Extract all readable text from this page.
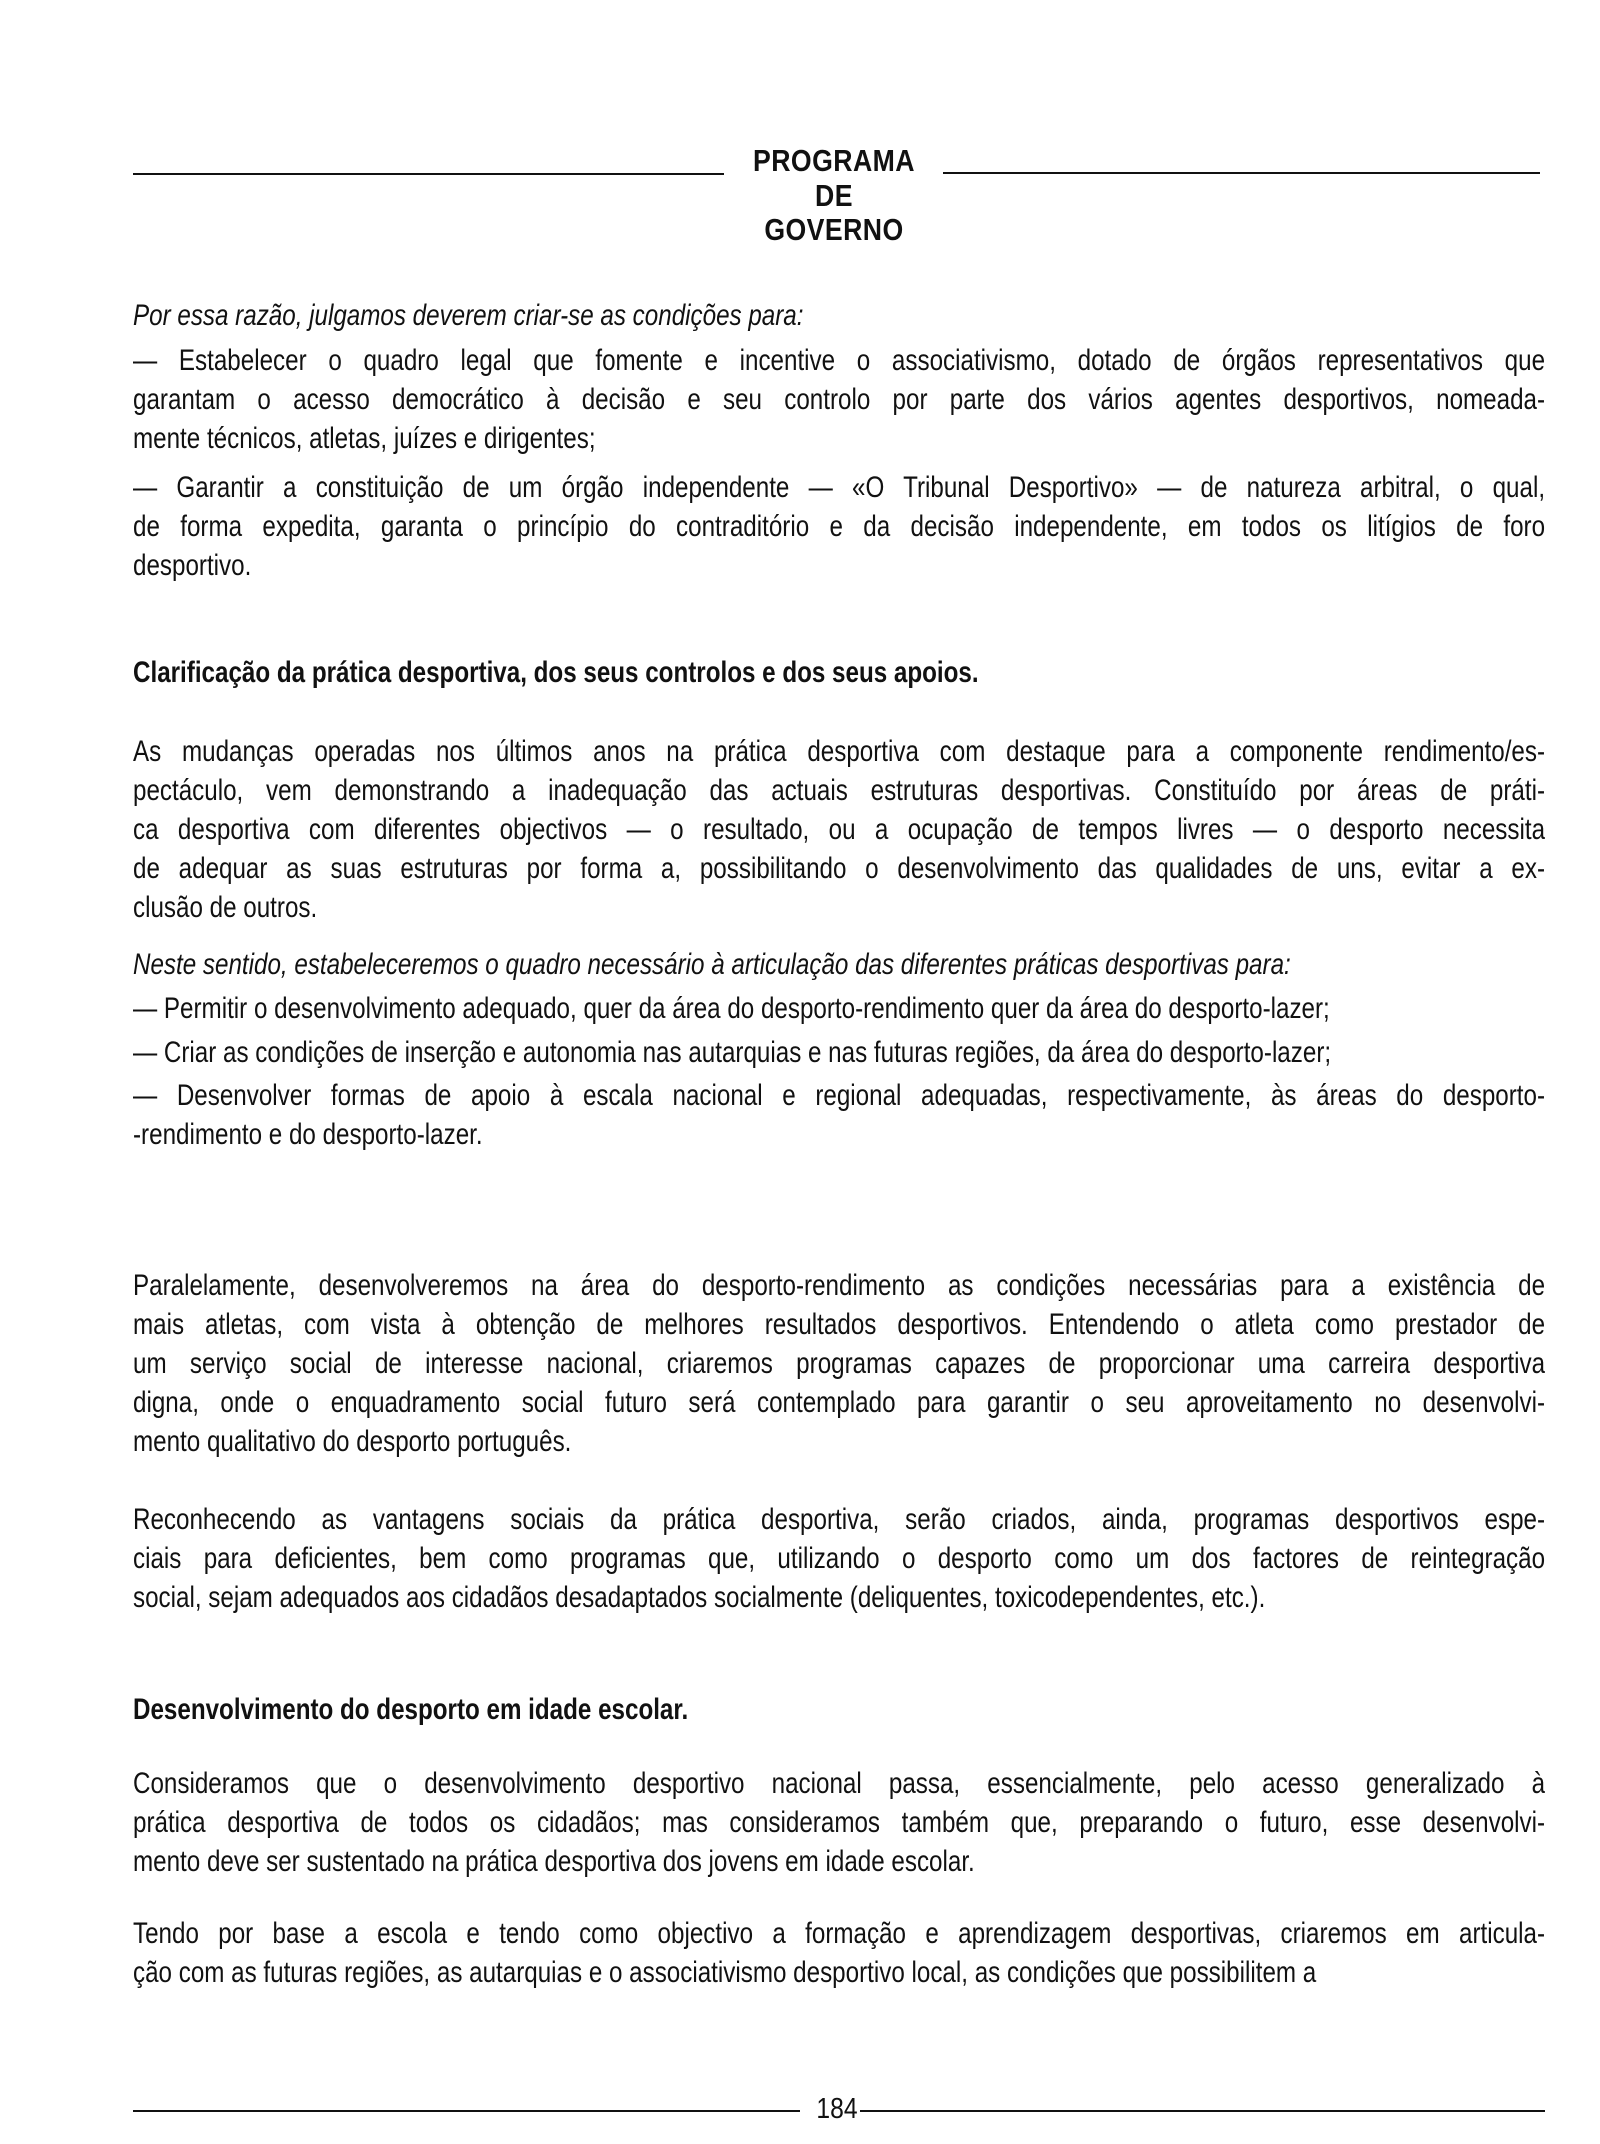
PROGRAMA
DE GOVERNO
Por essa razão, julgamos deverem criar-se as condições para:
— Estabelecer o quadro legal que fomente e incentive o associativismo, dotado de órgãos representativos que
garantam o acesso democrático à decisão e seu controlo por parte dos vários agentes desportivos, nomeada-
mente técnicos, atletas, juízes e dirigentes;
— Garantir a constituição de um órgão independente — «O Tribunal Desportivo» — de natureza arbitral, o qual,
de forma expedita, garanta o princípio do contraditório e da decisão independente, em todos os litígios de foro
desportivo.
Clarificação da prática desportiva, dos seus controlos e dos seus apoios.
As mudanças operadas nos últimos anos na prática desportiva com destaque para a componente rendimento/es-
pectáculo, vem demonstrando a inadequação das actuais estruturas desportivas. Constituído por áreas de práti-
ca desportiva com diferentes objectivos — o resultado, ou a ocupação de tempos livres — o desporto necessita
de adequar as suas estruturas por forma a, possibilitando o desenvolvimento das qualidades de uns, evitar a ex-
clusão de outros.
Neste sentido, estabeleceremos o quadro necessário à articulação das diferentes práticas desportivas para:
— Permitir o desenvolvimento adequado, quer da área do desporto-rendimento quer da área do desporto-lazer;
— Criar as condições de inserção e autonomia nas autarquias e nas futuras regiões, da área do desporto-lazer;
— Desenvolver formas de apoio à escala nacional e regional adequadas, respectivamente, às áreas do desporto-
-rendimento e do desporto-lazer.
Paralelamente, desenvolveremos na área do desporto-rendimento as condições necessárias para a existência de
mais atletas, com vista à obtenção de melhores resultados desportivos. Entendendo o atleta como prestador de
um serviço social de interesse nacional, criaremos programas capazes de proporcionar uma carreira desportiva
digna, onde o enquadramento social futuro será contemplado para garantir o seu aproveitamento no desenvolvi-
mento qualitativo do desporto português.
Reconhecendo as vantagens sociais da prática desportiva, serão criados, ainda, programas desportivos espe-
ciais para deficientes, bem como programas que, utilizando o desporto como um dos factores de reintegração
social, sejam adequados aos cidadãos desadaptados socialmente (deliquentes, toxicodependentes, etc.).
Desenvolvimento do desporto em idade escolar.
Consideramos que o desenvolvimento desportivo nacional passa, essencialmente, pelo acesso generalizado à
prática desportiva de todos os cidadãos; mas consideramos também que, preparando o futuro, esse desenvolvi-
mento deve ser sustentado na prática desportiva dos jovens em idade escolar.
Tendo por base a escola e tendo como objectivo a formação e aprendizagem desportivas, criaremos em articula-
ção com as futuras regiões, as autarquias e o associativismo desportivo local, as condições que possibilitem a
184
